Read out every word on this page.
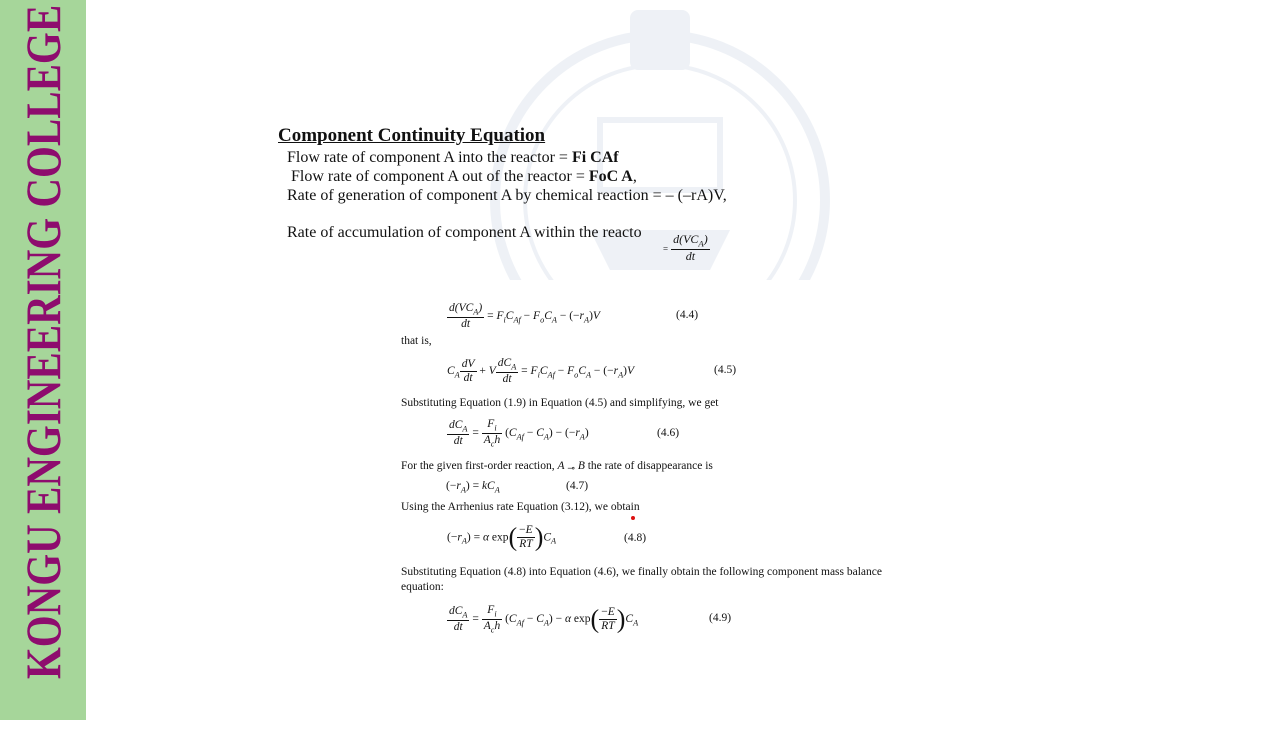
KONGU ENGINEERING COLLEGE	Component Continuity Equation
Flow rate of component A into the reactor = Fi CAf
Flow rate of component A out of the reactor = FoC A,
Rate of generation of component A by chemical reaction = – (–rA)V,
Rate of accumulation of component A within the reacto
= $\frac{d(VC_A)}{dt}$
$\frac{d(VC_A)}{dt} = F_iC_{Af} - F_oC_A - (-r_A)V$	(4.4)
that is,
$C_A \frac{dV}{dt} + V \frac{dC_A}{dt} = F_iC_{Af} - F_oC_A - (-r_A)V$	(4.5)
Substituting Equation (1.9) in Equation (4.5) and simplifying, we get
$\frac{dC_A}{dt} = \frac{F_i}{A_ch} (C_{Af} - C_A) - (-r_A)$	(4.6)
For the given first-order reaction, A ⊸ B the rate of disappearance is
$(-r_A) = kC_A$	(4.7)
Using the Arrhenius rate Equation (3.12), we obtain
$(-r_A) = \alpha$ $\exp( \frac{-E}{RT} )C_A$	(4.8)
Substituting Equation (4.8) into Equation (4.6), we finally obtain the following component mass balance
equation:
$\frac{dC_A}{dt} = \frac{F_i}{A_ch} (C_{Af} - C_A) - \alpha$ $\exp( \frac{-E}{RT} )C_A$	(4.9)
